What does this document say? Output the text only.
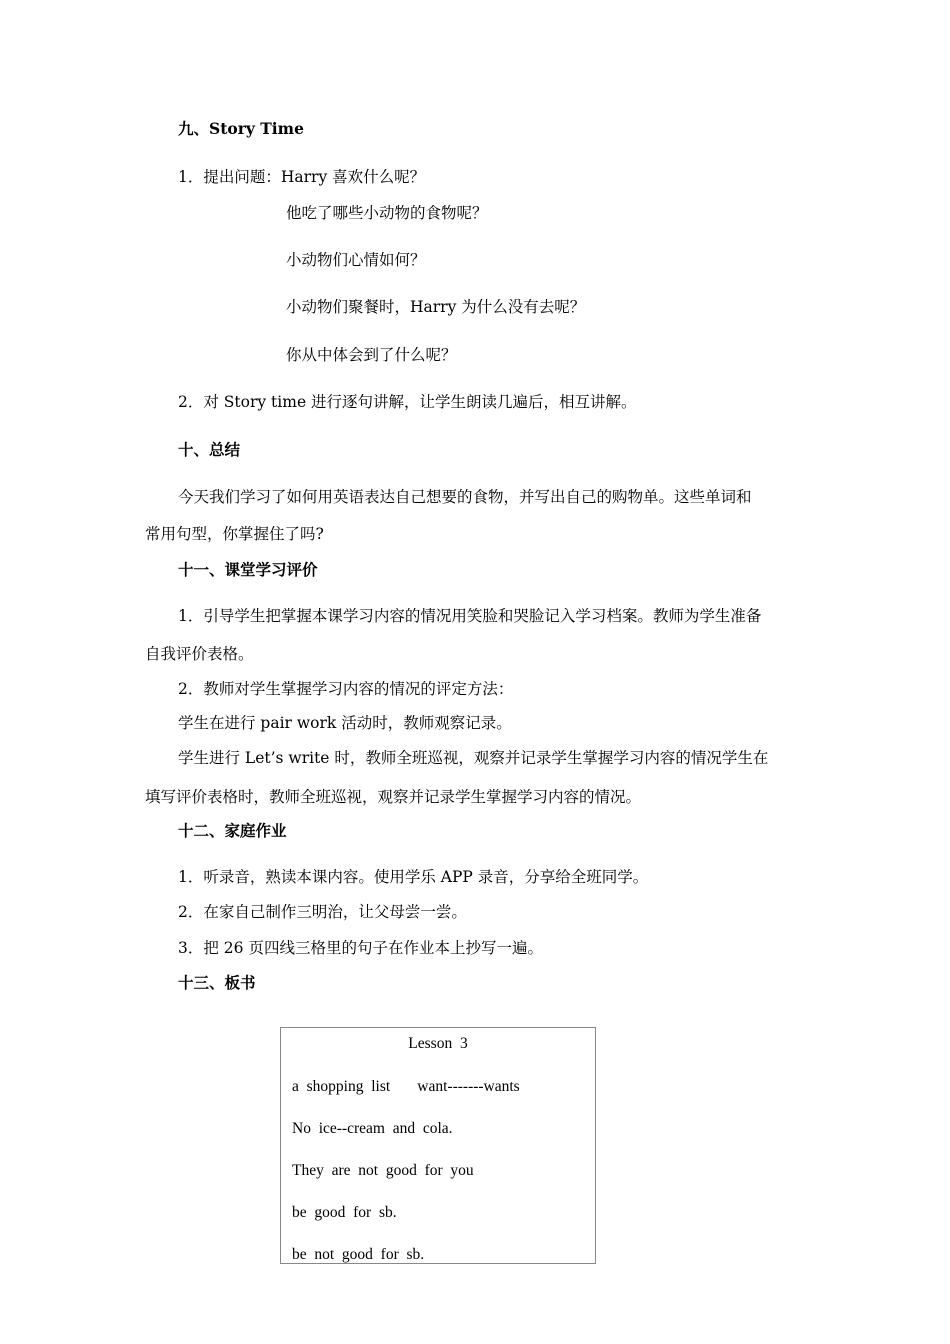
九、Story Time
1．提出问题：Harry 喜欢什么呢？
他吃了哪些小动物的食物呢？
小动物们心情如何？
小动物们聚餐时，Harry 为什么没有去呢？
你从中体会到了什么呢？
2．对 Story time 进行逐句讲解，让学生朗读几遍后，相互讲解。
十、总结
今天我们学习了如何用英语表达自己想要的食物，并写出自己的购物单。这些单词和
常用句型，你掌握住了吗?
十一、课堂学习评价
1．引导学生把掌握本课学习内容的情况用笑脸和哭脸记入学习档案。教师为学生准备
自我评价表格。
2．教师对学生掌握学习内容的情况的评定方法：
学生在进行 pair work 活动时，教师观察记录。
学生进行 Let’s write 时，教师全班巡视，观察并记录学生掌握学习内容的情况学生在
填写评价表格时，教师全班巡视，观察并记录学生掌握学习内容的情况。
十二、家庭作业
1．听录音，熟读本课内容。使用学乐 APP 录音，分享给全班同学。
2．在家自己制作三明治，让父母尝一尝。
3．把 26 页四线三格里的句子在作业本上抄写一遍。
十三、板书
Lesson  3
a  shopping  list       want-------wants
No  ice--cream  and  cola.
They  are  not  good  for  you
be  good  for  sb.
be  not  good  for  sb.
